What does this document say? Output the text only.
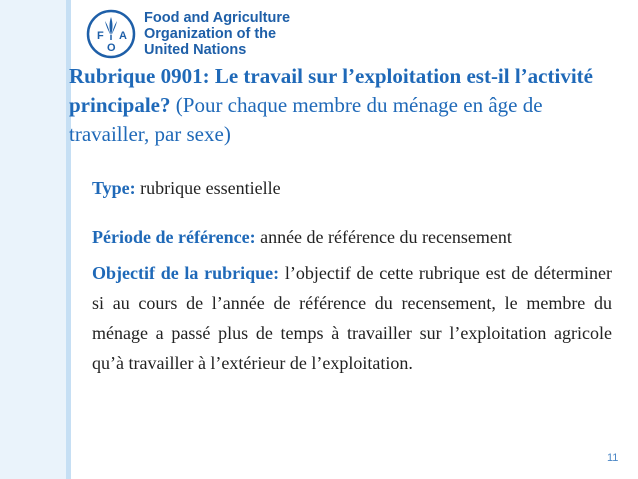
F A
O
Food and Agriculture
Organization of the
United Nations
Rubrique 0901: Le travail sur l’exploitation est-il l’activité principale? (Pour chaque membre du ménage en âge de travailler, par sexe)
Type: rubrique essentielle
Période de référence: année de référence du recensement
Objectif de la rubrique: l’objectif de cette rubrique est de déterminer si au cours de l’année de référence du recensement, le membre du ménage a passé plus de temps à travailler sur l’exploitation agricole qu’à travailler à l’extérieur de l’exploitation.
11
